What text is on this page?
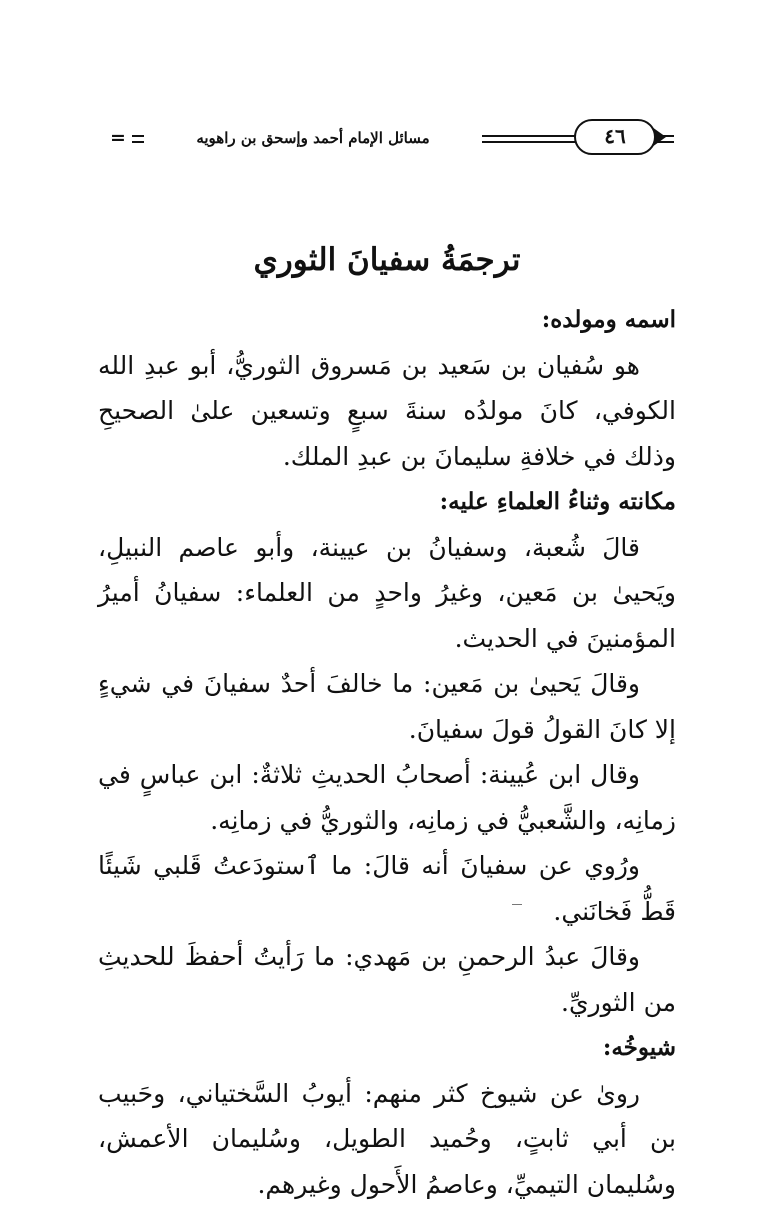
=	مسائل الإمام أحمد وإسحق بن راهويه	٤٦

ترجمَةُ سفيانَ الثوري

اسمه ومولده:

هو سُفيان بن سَعيد بن مَسروق الثوريُّ، أبو عبدِ الله الكوفي، كانَ مولدُه سنةَ سبعٍ وتسعين علىٰ الصحيحِ وذلك في خلافةِ سليمانَ بن عبدِ الملك.

مكانته وثناءُ العلماءِ عليه:

قالَ شُعبة، وسفيانُ بن عيينة، وأبو عاصم النبيلِ، ويَحيىٰ بن مَعين، وغيرُ واحدٍ من العلماء: سفيانُ أميرُ المؤمنينَ في الحديث.

وقالَ يَحيىٰ بن مَعين: ما خالفَ أحدٌ سفيانَ في شيءٍ إلا كانَ القولُ قولَ سفيانَ.

وقال ابن عُيينة: أصحابُ الحديثِ ثلاثةٌ: ابن عباسٍ في زمانِه، والشَّعبيُّ في زمانِه، والثوريُّ في زمانِه.

ورُوي عن سفيانَ أنه قالَ: ما ٱستودَعتُ قَلبي شَيئًا قَطُّ فَخانَني.

وقالَ عبدُ الرحمنِ بن مَهدي: ما رَأيتُ أحفظَ للحديثِ من الثوريِّ.

شيوخُه:

روىٰ عن شيوخ كثر منهم: أيوبُ السَّختياني، وحَبيب بن أبي ثابتٍ، وحُميد الطويل، وسُليمان الأعمش، وسُليمان التيميِّ، وعاصمُ الأَحول وغيرهم.
